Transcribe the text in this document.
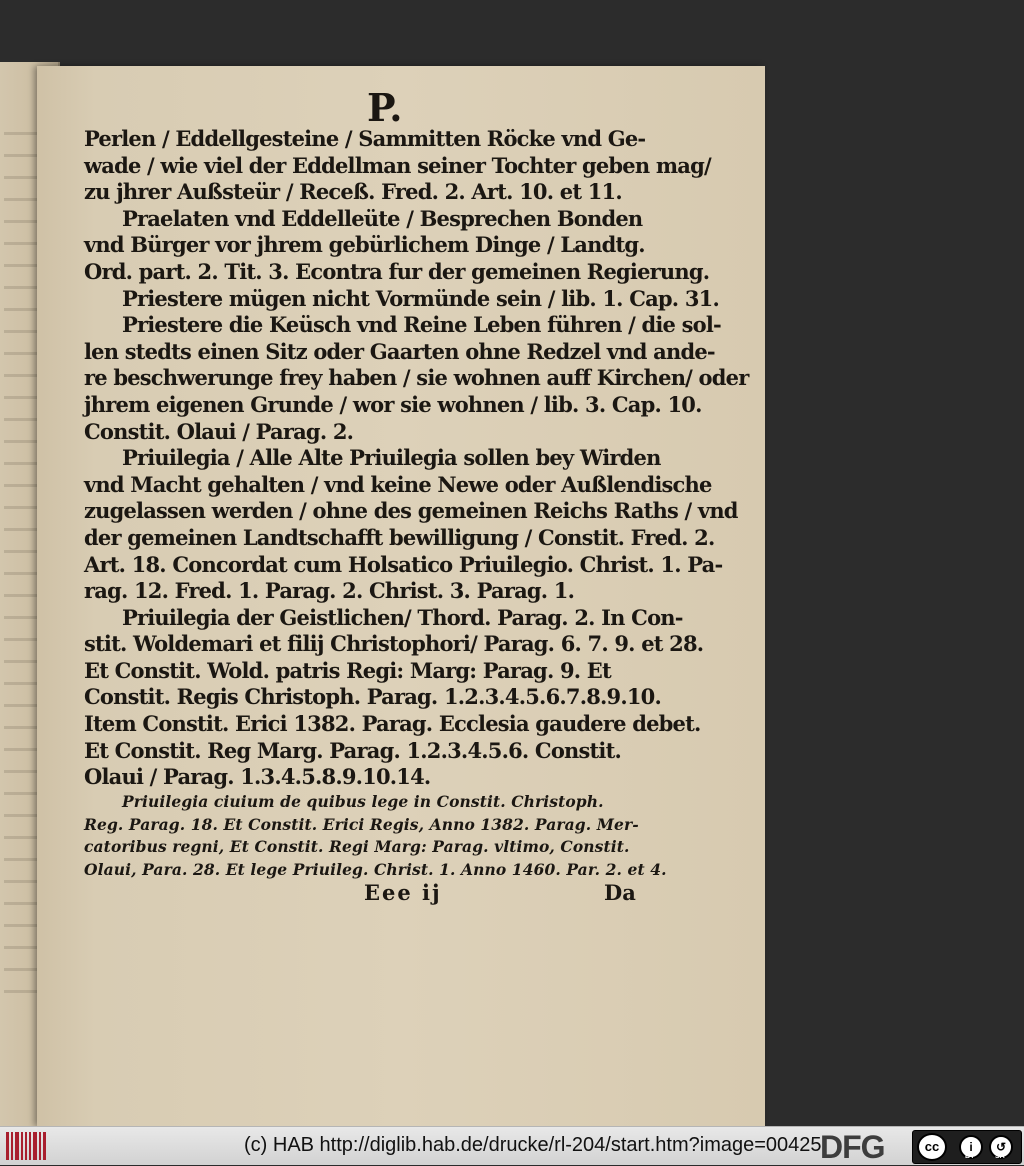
P.
Perlen / Eddellgesteine / Sammitten Röcke vnd Ge-
wade / wie viel der Eddellman seiner Tochter geben mag/
zu jhrer Außsteür / Receß. Fred. 2. Art. 10. et 11.
Praelaten vnd Eddelleüte / Besprechen Bonden
vnd Bürger vor jhrem gebürlichem Dinge / Landtg.
Ord. part. 2. Tit. 3. Econtra fur der gemeinen Regierung.
Priestere mügen nicht Vormünde sein / lib. 1. Cap. 31.
Priestere die Keüsch vnd Reine Leben führen / die sol-
len stedts einen Sitz oder Gaarten ohne Redzel vnd ande-
re beschwerunge frey haben / sie wohnen auff Kirchen/ oder
jhrem eigenen Grunde / wor sie wohnen / lib. 3. Cap. 10.
Constit. Olaui / Parag. 2.
Priuilegia / Alle Alte Priuilegia sollen bey Wirden
vnd Macht gehalten / vnd keine Newe oder Außlendische
zugelassen werden / ohne des gemeinen Reichs Raths / vnd
der gemeinen Landtschafft bewilligung / Constit. Fred. 2.
Art. 18. Concordat cum Holsatico Priuilegio. Christ. 1. Pa-
rag. 12. Fred. 1. Parag. 2. Christ. 3. Parag. 1.
Priuilegia der Geistlichen/ Thord. Parag. 2. In Con-
stit. Woldemari et filij Christophori/ Parag. 6. 7. 9. et 28.
Et Constit. Wold. patris Regi: Marg: Parag. 9. Et
Constit. Regis Christoph. Parag. 1.2.3.4.5.6.7.8.9.10.
Item Constit. Erici 1382. Parag. Ecclesia gaudere debet.
Et Constit. Reg Marg. Parag. 1.2.3.4.5.6. Constit.
Olaui / Parag. 1.3.4.5.8.9.10.14.
Priuilegia ciuium de quibus lege in Constit. Christoph.
Reg. Parag. 18. Et Constit. Erici Regis, Anno 1382. Parag. Mer-
catoribus regni, Et Constit. Regi Marg: Parag. vltimo, Constit.
Olaui, Para. 28. Et lege Priuileg. Christ. 1. Anno 1460. Par. 2. et 4.
Eee ij	Da
(c) HAB http://diglib.hab.de/drucke/rl-204/start.htm?image=00425
DFG	cc	i	↺
BY	SA
